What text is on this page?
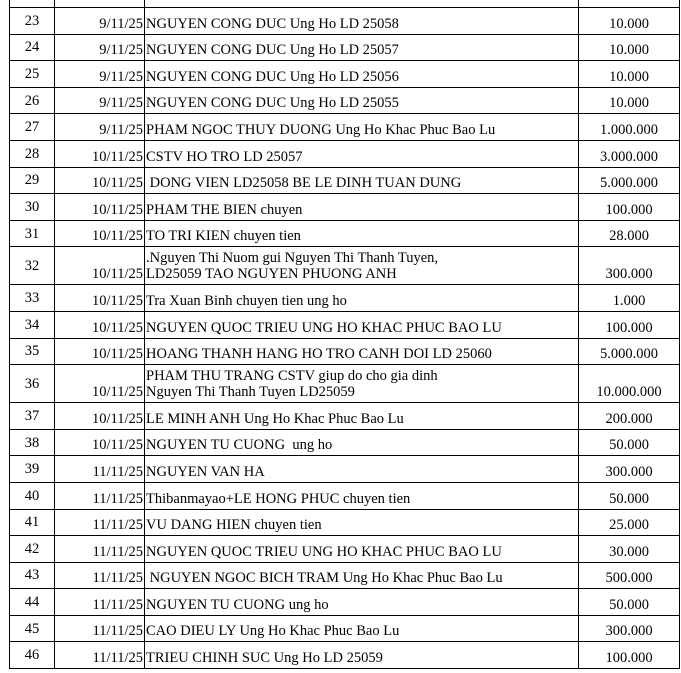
23	9/11/25	NGUYEN CONG DUC Ung Ho LD 25058	10.000
24	9/11/25	NGUYEN CONG DUC Ung Ho LD 25057	10.000
25	9/11/25	NGUYEN CONG DUC Ung Ho LD 25056	10.000
26	9/11/25	NGUYEN CONG DUC Ung Ho LD 25055	10.000
27	9/11/25	PHAM NGOC THUY DUONG Ung Ho Khac Phuc Bao Lu	1.000.000
28	10/11/25	CSTV HO TRO LD 25057	3.000.000
29	10/11/25	DONG VIEN LD25058 BE LE DINH TUAN DUNG	5.000.000
30	10/11/25	PHAM THE BIEN chuyen	100.000
31	10/11/25	TO TRI KIEN chuyen tien	28.000
32	10/11/25	.Nguyen Thi Nuom gui Nguyen Thi Thanh Tuyen,
LD25059 TAO NGUYEN PHUONG ANH	300.000
33	10/11/25	Tra Xuan Binh chuyen tien ung ho	1.000
34	10/11/25	NGUYEN QUOC TRIEU UNG HO KHAC PHUC BAO LU	100.000
35	10/11/25	HOANG THANH HANG HO TRO CANH DOI LD 25060	5.000.000
36	10/11/25	PHAM THU TRANG CSTV giup do cho gia dinh
Nguyen Thi Thanh Tuyen LD25059	10.000.000
37	10/11/25	LE MINH ANH Ung Ho Khac Phuc Bao Lu	200.000
38	10/11/25	NGUYEN TU CUONG  ung ho	50.000
39	11/11/25	NGUYEN VAN HA	300.000
40	11/11/25	Thibanmayao+LE HONG PHUC chuyen tien	50.000
41	11/11/25	VU DANG HIEN chuyen tien	25.000
42	11/11/25	NGUYEN QUOC TRIEU UNG HO KHAC PHUC BAO LU	30.000
43	11/11/25	NGUYEN NGOC BICH TRAM Ung Ho Khac Phuc Bao Lu	500.000
44	11/11/25	NGUYEN TU CUONG ung ho	50.000
45	11/11/25	CAO DIEU LY Ung Ho Khac Phuc Bao Lu	300.000
46	11/11/25	TRIEU CHINH SUC Ung Ho LD 25059	100.000
